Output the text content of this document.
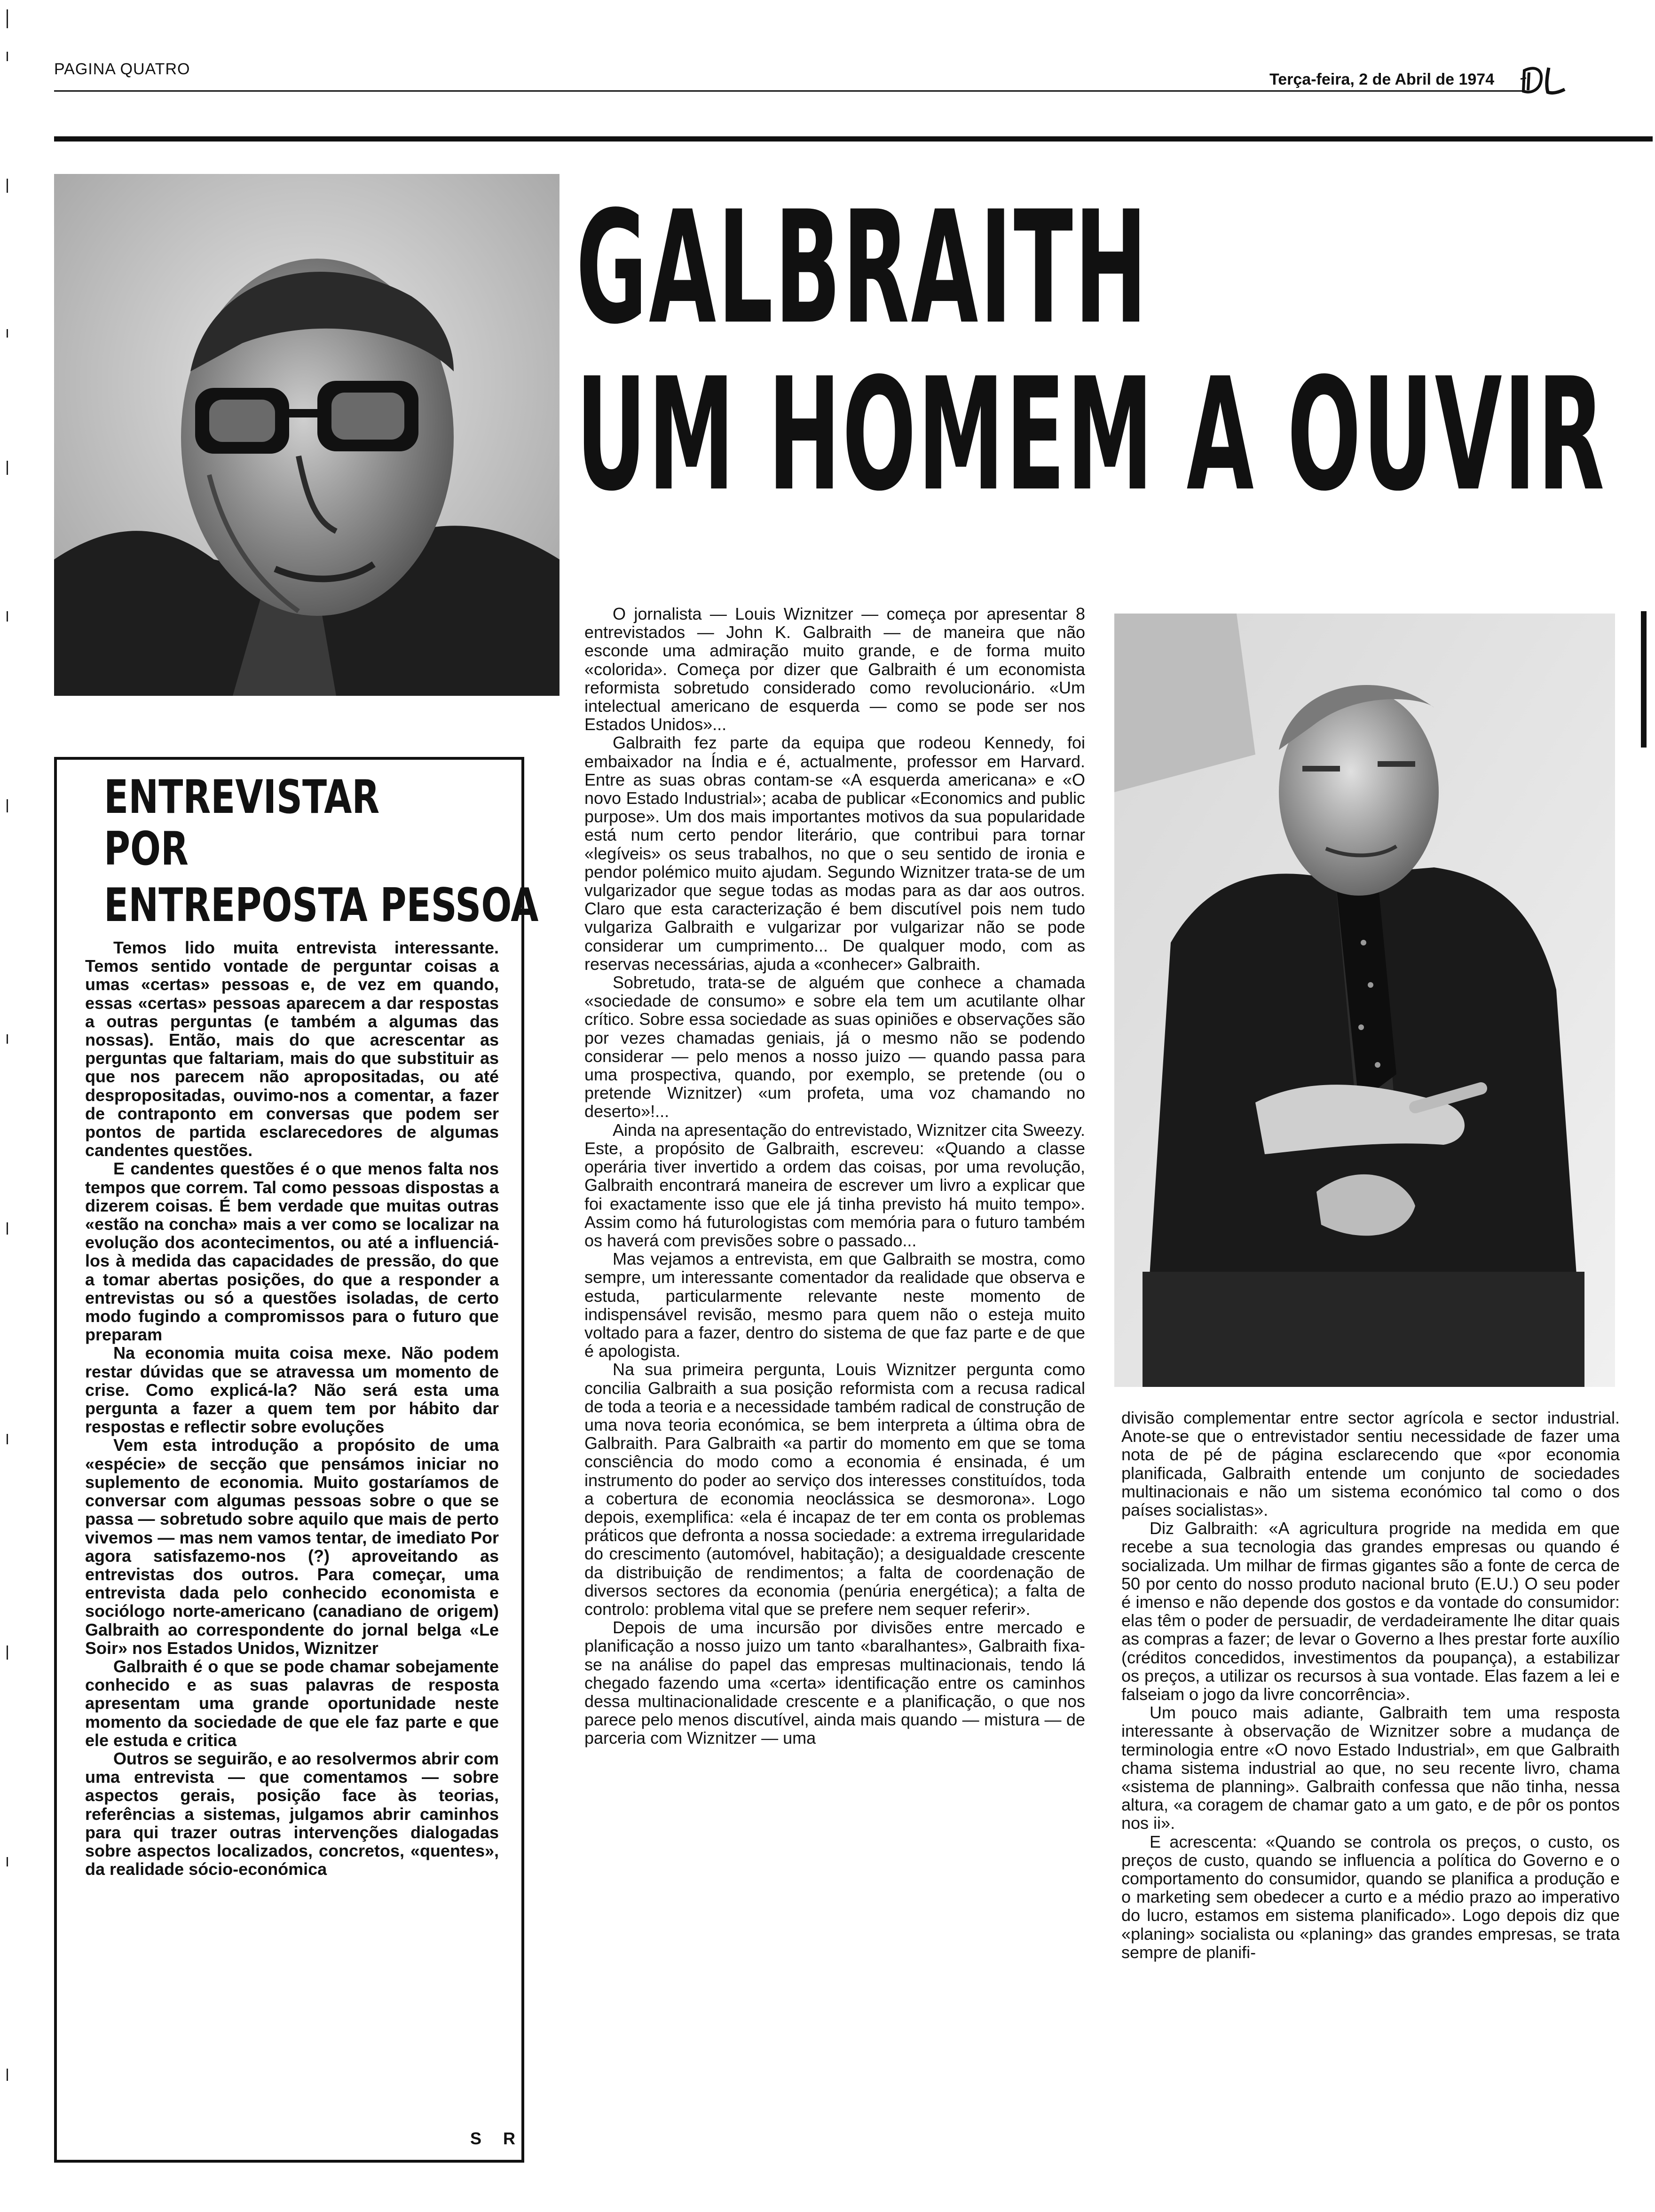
PAGINA QUATRO
Terça-feira, 2 de Abril de 1974
GALBRAITH
UM HOMEM A OUVIR
ENTREVISTAR
POR
ENTREPOSTA PESSOA

Temos lido muita entrevista interessante. Temos sentido vontade de perguntar coisas a umas «certas» pessoas e, de vez em quando, essas «certas» pessoas aparecem a dar respostas a outras perguntas (e também a algumas das nossas). Então, mais do que acrescentar as perguntas que faltariam, mais do que substituir as que nos parecem não apropositadas, ou até despropositadas, ouvimo-nos a comentar, a fazer de contraponto em conversas que podem ser pontos de partida esclarecedores de algumas candentes questões.

E candentes questões é o que menos falta nos tempos que correm. Tal como pessoas dispostas a dizerem coisas. É bem verdade que muitas outras «estão na concha» mais a ver como se localizar na evolução dos acontecimentos, ou até a influenciá-los à medida das capacidades de pressão, do que a tomar abertas posições, do que a responder a entrevistas ou só a questões isoladas, de certo modo fugindo a compromissos para o futuro que preparam

Na economia muita coisa mexe. Não podem restar dúvidas que se atravessa um momento de crise. Como explicá-la? Não será esta uma pergunta a fazer a quem tem por hábito dar respostas e reflectir sobre evoluções

Vem esta introdução a propósito de uma «espécie» de secção que pensámos iniciar no suplemento de economia. Muito gostaríamos de conversar com algumas pessoas sobre o que se passa — sobretudo sobre aquilo que mais de perto vivemos — mas nem vamos tentar, de imediato Por agora satisfazemo-nos (?) aproveitando as entrevistas dos outros. Para começar, uma entrevista dada pelo conhecido economista e sociólogo norte-americano (canadiano de origem) Galbraith ao correspondente do jornal belga «Le Soir» nos Estados Unidos, Wiznitzer

Galbraith é o que se pode chamar sobejamente conhecido e as suas palavras de resposta apresentam uma grande oportunidade neste momento da sociedade de que ele faz parte e que ele estuda e critica

Outros se seguirão, e ao resolvermos abrir com uma entrevista — que comentamos — sobre aspectos gerais, posição face às teorias, referências a sistemas, julgamos abrir caminhos para qui trazer outras intervenções dialogadas sobre aspectos localizados, concretos, «quentes», da realidade sócio-económica

S R

O jornalista — Louis Wiznitzer — começa por apresentar 8 entrevistados — John K. Galbraith — de maneira que não esconde uma admiração muito grande, e de forma muito «colorida». Começa por dizer que Galbraith é um economista reformista sobretudo considerado como revolucionário. «Um intelectual americano de esquerda — como se pode ser nos Estados Unidos»...

Galbraith fez parte da equipa que rodeou Kennedy, foi embaixador na Índia e é, actualmente, professor em Harvard. Entre as suas obras contam-se «A esquerda americana» e «O novo Estado Industrial»; acaba de publicar «Economics and public purpose». Um dos mais importantes motivos da sua popularidade está num certo pendor literário, que contribui para tornar «legíveis» os seus trabalhos, no que o seu sentido de ironia e pendor polémico muito ajudam. Segundo Wiznitzer trata-se de um vulgarizador que segue todas as modas para as dar aos outros. Claro que esta caracterização é bem discutível pois nem tudo vulgariza Galbraith e vulgarizar por vulgarizar não se pode considerar um cumprimento... De qualquer modo, com as reservas necessárias, ajuda a «conhecer» Galbraith.

Sobretudo, trata-se de alguém que conhece a chamada «sociedade de consumo» e sobre ela tem um acutilante olhar crítico. Sobre essa sociedade as suas opiniões e observações são por vezes chamadas geniais, já o mesmo não se podendo considerar — pelo menos a nosso juizo — quando passa para uma prospectiva, quando, por exemplo, se pretende (ou o pretende Wiznitzer) «um profeta, uma voz chamando no deserto»!...

Ainda na apresentação do entrevistado, Wiznitzer cita Sweezy. Este, a propósito de Galbraith, escreveu: «Quando a classe operária tiver invertido a ordem das coisas, por uma revolução, Galbraith encontrará maneira de escrever um livro a explicar que foi exactamente isso que ele já tinha previsto há muito tempo». Assim como há futurologistas com memória para o futuro também os haverá com previsões sobre o passado...

Mas vejamos a entrevista, em que Galbraith se mostra, como sempre, um interessante comentador da realidade que observa e estuda, particularmente relevante neste momento de indispensável revisão, mesmo para quem não o esteja muito voltado para a fazer, dentro do sistema de que faz parte e de que é apologista.

Na sua primeira pergunta, Louis Wiznitzer pergunta como concilia Galbraith a sua posição reformista com a recusa radical de toda a teoria e a necessidade também radical de construção de uma nova teoria económica, se bem interpreta a última obra de Galbraith. Para Galbraith «a partir do momento em que se toma consciência do modo como a economia é ensinada, é um instrumento do poder ao serviço dos interesses constituídos, toda a cobertura de economia neoclássica se desmorona». Logo depois, exemplifica: «ela é incapaz de ter em conta os problemas práticos que defronta a nossa sociedade: a extrema irregularidade do crescimento (automóvel, habitação); a desigualdade crescente da distribuição de rendimentos; a falta de coordenação de diversos sectores da economia (penúria energética); a falta de controlo: problema vital que se prefere nem sequer referir».

Depois de uma incursão por divisões entre mercado e planificação a nosso juizo um tanto «baralhantes», Galbraith fixa-se na análise do papel das empresas multinacionais, tendo lá chegado fazendo uma «certa» identificação entre os caminhos dessa multinacionalidade crescente e a planificação, o que nos parece pelo menos discutível, ainda mais quando — mistura — de parceria com Wiznitzer — uma

divisão complementar entre sector agrícola e sector industrial. Anote-se que o entrevistador sentiu necessidade de fazer uma nota de pé de página esclarecendo que «por economia planificada, Galbraith entende um conjunto de sociedades multinacionais e não um sistema económico tal como o dos países socialistas».

Diz Galbraith: «A agricultura progride na medida em que recebe a sua tecnologia das grandes empresas ou quando é socializada. Um milhar de firmas gigantes são a fonte de cerca de 50 por cento do nosso produto nacional bruto (E.U.) O seu poder é imenso e não depende dos gostos e da vontade do consumidor: elas têm o poder de persuadir, de verdadeiramente lhe ditar quais as compras a fazer; de levar o Governo a lhes prestar forte auxílio (créditos concedidos, investimentos da poupança), a estabilizar os preços, a utilizar os recursos à sua vontade. Elas fazem a lei e falseiam o jogo da livre concorrência».

Um pouco mais adiante, Galbraith tem uma resposta interessante à observação de Wiznitzer sobre a mudança de terminologia entre «O novo Estado Industrial», em que Galbraith chama sistema industrial ao que, no seu recente livro, chama «sistema de planning». Galbraith confessa que não tinha, nessa altura, «a coragem de chamar gato a um gato, e de pôr os pontos nos ii».

E acrescenta: «Quando se controla os preços, o custo, os preços de custo, quando se influencia a política do Governo e o comportamento do consumidor, quando se planifica a produção e o marketing sem obedecer a curto e a médio prazo ao imperativo do lucro, estamos em sistema planificado». Logo depois diz que «planing» socialista ou «planing» das grandes empresas, se trata sempre de planifi-
